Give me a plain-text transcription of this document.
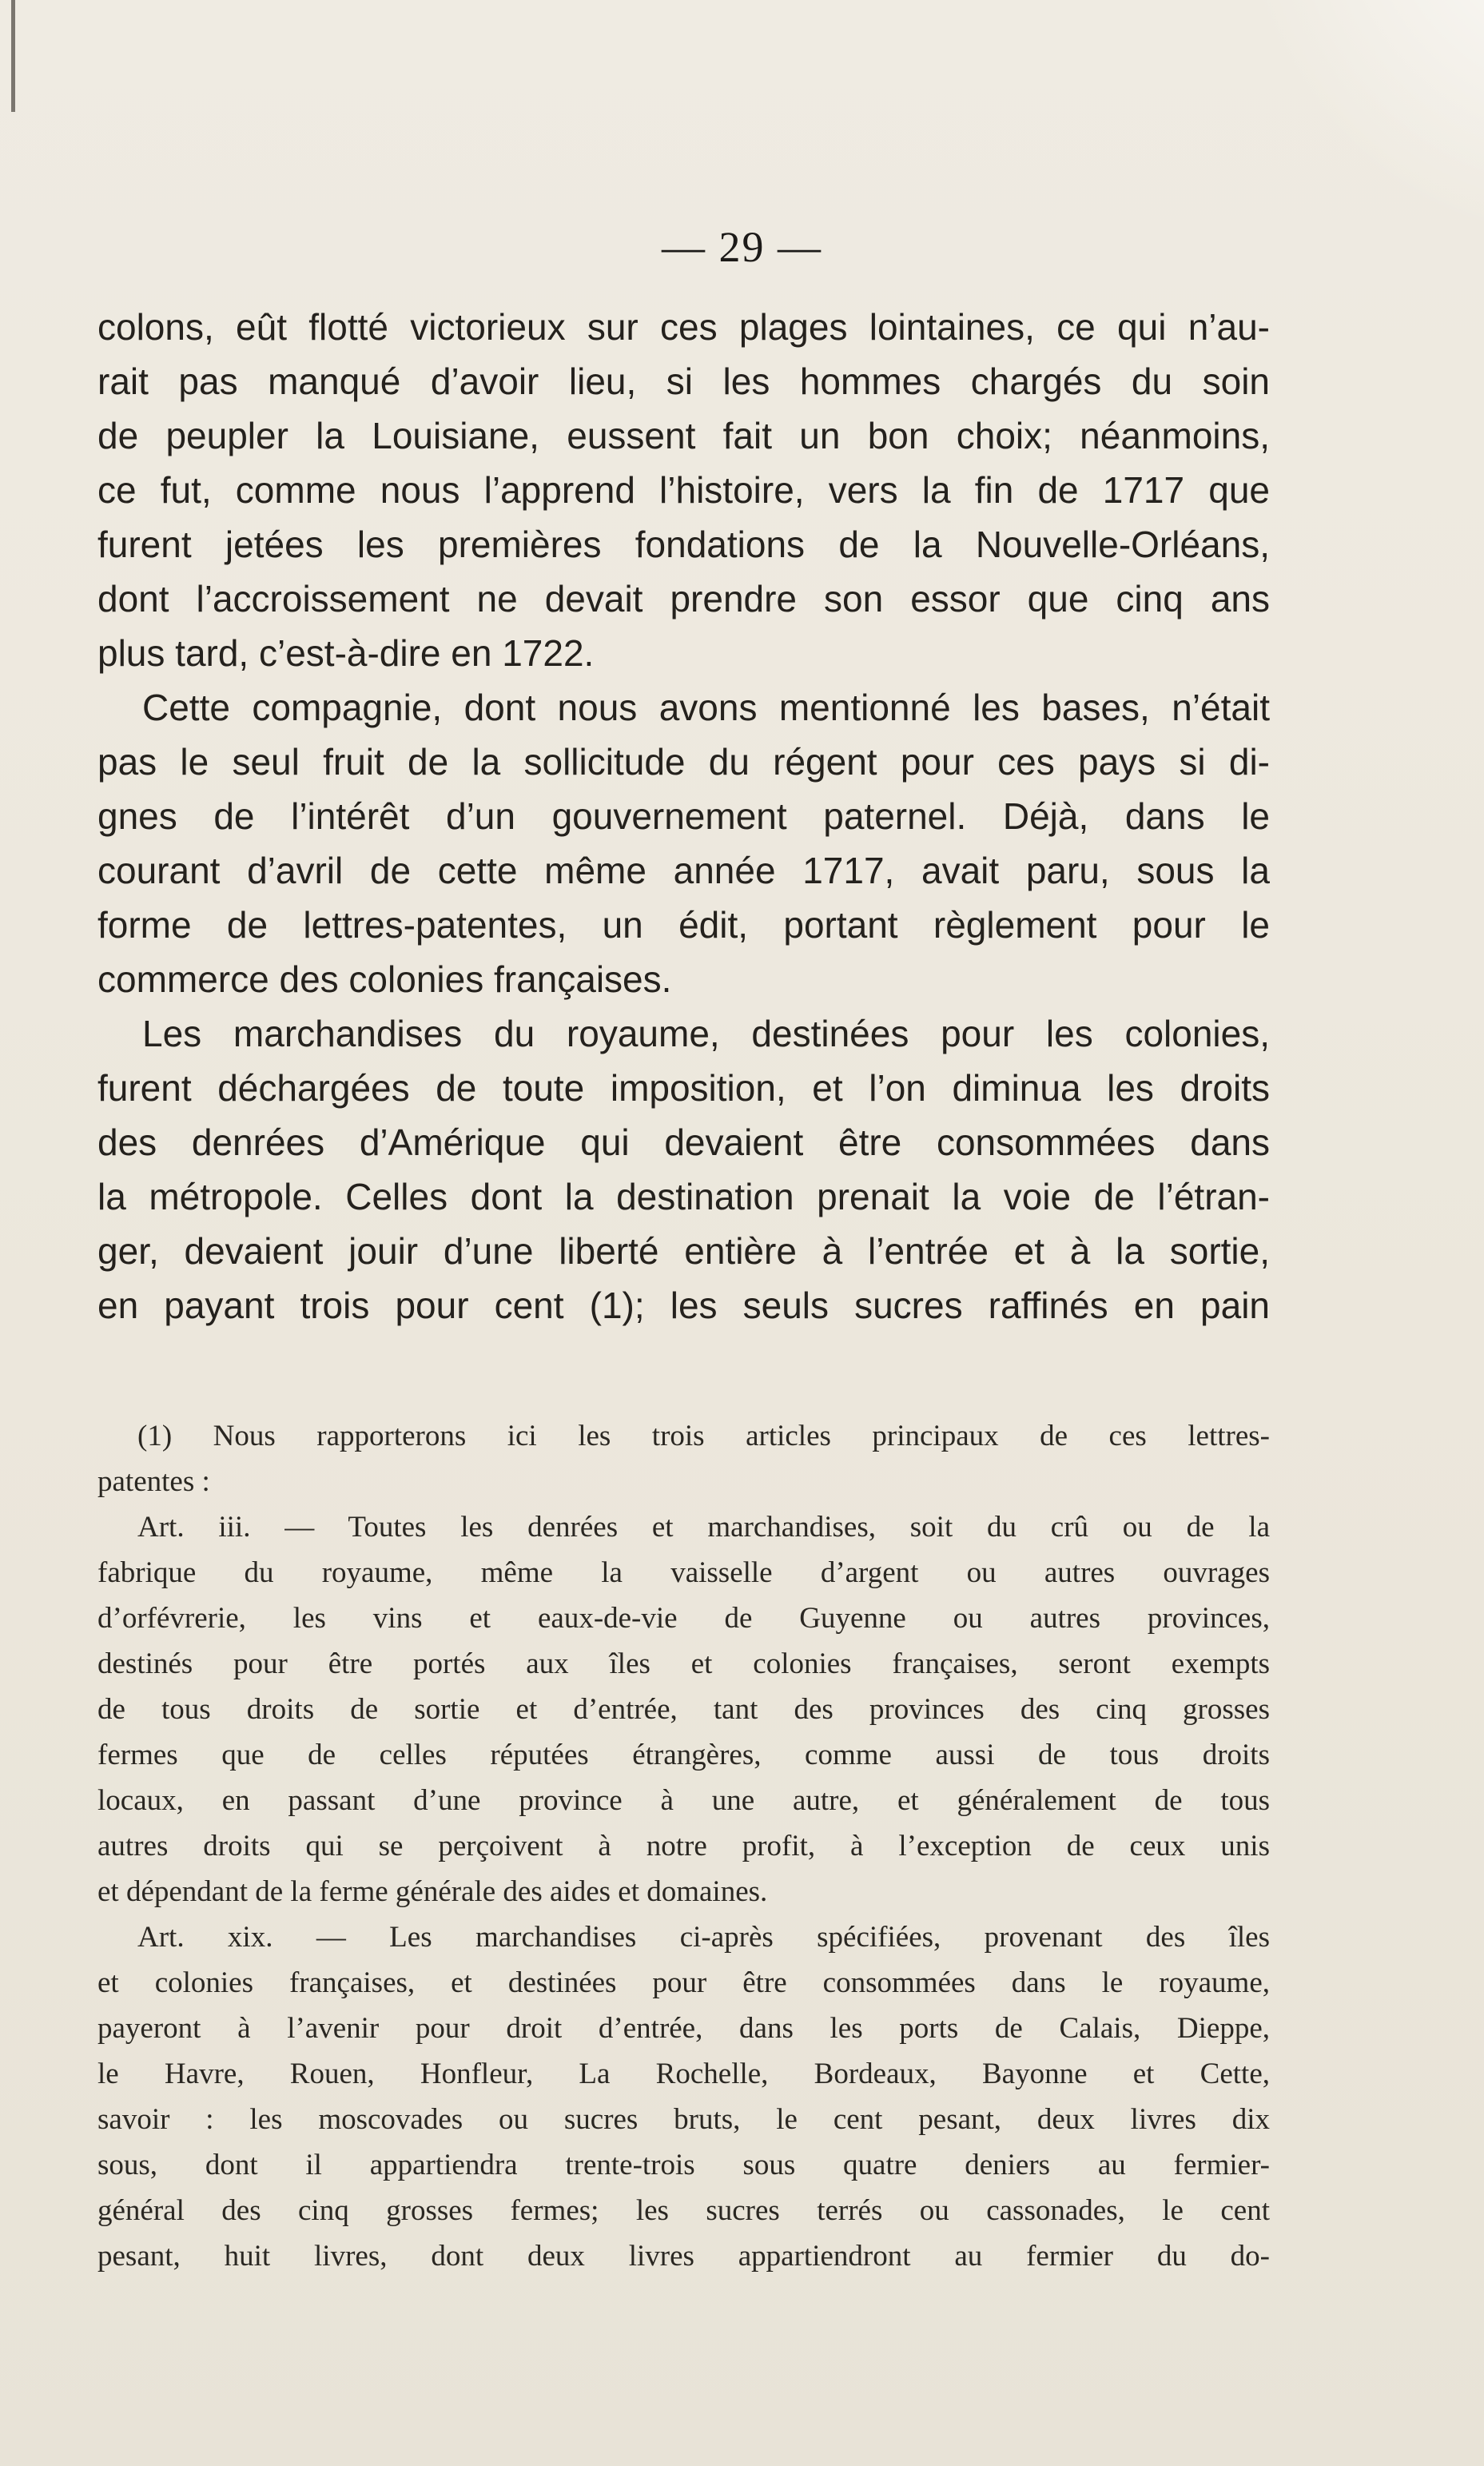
— 29 —
colons, eût flotté victorieux sur ces plages lointaines, ce qui n’au-
rait pas manqué d’avoir lieu, si les hommes chargés du soin
de peupler la Louisiane, eussent fait un bon choix; néanmoins,
ce fut, comme nous l’apprend l’histoire, vers la fin de 1717 que
furent jetées les premières fondations de la Nouvelle-Orléans,
dont l’accroissement ne devait prendre son essor que cinq ans
plus tard, c’est-à-dire en 1722.
Cette compagnie, dont nous avons mentionné les bases, n’était
pas le seul fruit de la sollicitude du régent pour ces pays si di-
gnes de l’intérêt d’un gouvernement paternel. Déjà, dans le
courant d’avril de cette même année 1717, avait paru, sous la
forme de lettres-patentes, un édit, portant règlement pour le
commerce des colonies françaises.
Les marchandises du royaume, destinées pour les colonies,
furent déchargées de toute imposition, et l’on diminua les droits
des denrées d’Amérique qui devaient être consommées dans
la métropole. Celles dont la destination prenait la voie de l’étran-
ger, devaient jouir d’une liberté entière à l’entrée et à la sortie,
en payant trois pour cent (1); les seuls sucres raffinés en pain
(1) Nous rapporterons ici les trois articles principaux de ces lettres-
patentes :
Art. iii. — Toutes les denrées et marchandises, soit du crû ou de la
fabrique du royaume, même la vaisselle d’argent ou autres ouvrages
d’orfévrerie, les vins et eaux-de-vie de Guyenne ou autres provinces,
destinés pour être portés aux îles et colonies françaises, seront exempts
de tous droits de sortie et d’entrée, tant des provinces des cinq grosses
fermes que de celles réputées étrangères, comme aussi de tous droits
locaux, en passant d’une province à une autre, et généralement de tous
autres droits qui se perçoivent à notre profit, à l’exception de ceux unis
et dépendant de la ferme générale des aides et domaines.
Art. xix. — Les marchandises ci-après spécifiées, provenant des îles
et colonies françaises, et destinées pour être consommées dans le royaume,
payeront à l’avenir pour droit d’entrée, dans les ports de Calais, Dieppe,
le Havre, Rouen, Honfleur, La Rochelle, Bordeaux, Bayonne et Cette,
savoir : les moscovades ou sucres bruts, le cent pesant, deux livres dix
sous, dont il appartiendra trente-trois sous quatre deniers au fermier-
général des cinq grosses fermes; les sucres terrés ou cassonades, le cent
pesant, huit livres, dont deux livres appartiendront au fermier du do-
